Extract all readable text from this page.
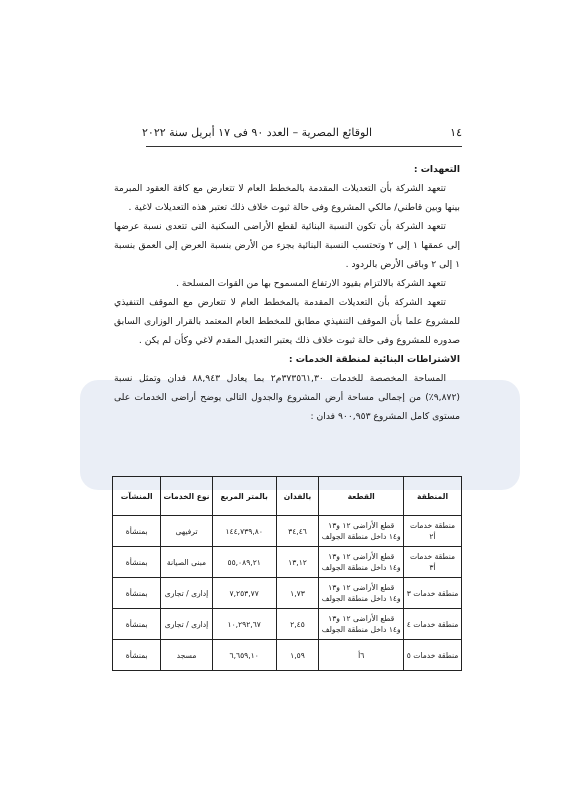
١٤
الوقائع المصرية – العدد ٩٠ فى ١٧ أبريل سنة ٢٠٢٢

التعهدات :

تتعهد الشركة بأن التعديلات المقدمة بالمخطط العام لا تتعارض مع كافة العقود المبرمة بينها وبين قاطني/ مالكي المشروع وفى حالة ثبوت خلاف ذلك تعتبر هذه التعديلات لاغية .

تتعهد الشركة بأن تكون النسبة البنائية لقطع الأراضى السكنية التى تتعدى نسبة عرضها إلى عمقها ١ إلى ٢ وتحتسب النسبة البنائية بجزء من الأرض بنسبة العرض إلى العمق بنسبة ١ إلى ٢ وباقى الأرض بالردود .

تتعهد الشركة بالالتزام بقيود الارتفاع المسموح بها من القوات المسلحة .

تتعهد الشركة بأن التعديلات المقدمة بالمخطط العام لا تتعارض مع الموقف التنفيذي للمشروع علما بأن الموقف التنفيذي مطابق للمخطط العام المعتمد بالقرار الوزارى السابق صدوره للمشروع وفى حالة ثبوت خلاف ذلك يعتبر التعديل المقدم لاغي وكأن لم يكن .

الاشتراطات البنائية لمنطقة الخدمات :

المساحة المخصصة للخدمات ٣٧٣٥٦١,٣٠م٢ بما يعادل ٨٨,٩٤٣ فدان وتمثل نسبة (٩,٨٧٢٪) من إجمالى مساحة أرض المشروع والجدول التالى يوضح أراضى الخدمات على مستوى كامل المشروع ٩٠٠,٩٥٣ فدان :

المنطقة	القطعة	بالفدان	بالمتر المربع	نوع الخدمات	المنشآت
منطقة خدمات أ٢	قطع الأراضى ١٢ و١٣ و١٤ داخل منطقة الجولف	٣٤,٤٦	١٤٤,٧٣٩,٨٠	ترفيهى	بمنشأة
منطقة خدمات أ٣	قطع الأراضى ١٢ و١٣ و١٤ داخل منطقة الجولف	١٣,١٢	٥٥,٠٨٩,٢١	مبنى الصيانة	بمنشأة
منطقة خدمات ٣	قطع الأراضى ١٢ و١٣ و١٤ داخل منطقة الجولف	١,٧٣	٧,٢٥٣,٧٧	إدارى / تجارى	بمنشأة
منطقة خدمات ٤	قطع الأراضى ١٢ و١٣ و١٤ داخل منطقة الجولف	٢,٤٥	١٠,٢٩٢,٦٧	إدارى / تجارى	بمنشأة
منطقة خدمات ٥	٦أ	١,٥٩	٦,٦٥٩,١٠	مسجد	بمنشأة
